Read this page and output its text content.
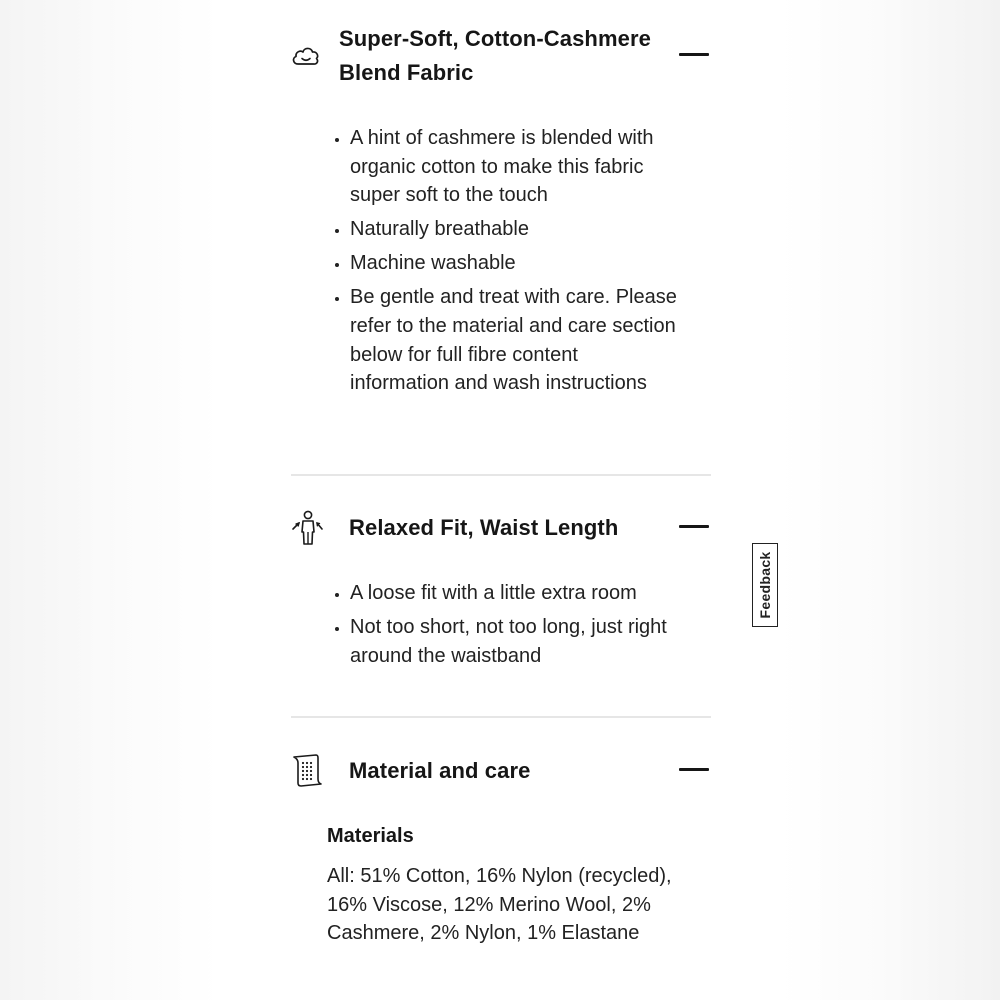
Super-Soft, Cotton-Cashmere
Blend Fabric
• A hint of cashmere is blended with organic cotton to make this fabric super soft to the touch
• Naturally breathable
• Machine washable
• Be gentle and treat with care. Please refer to the material and care section below for full fibre content information and wash instructions
Relaxed Fit, Waist Length
• A loose fit with a little extra room
• Not too short, not too long, just right around the waistband
Material and care
Materials
All: 51% Cotton, 16% Nylon (recycled), 16% Viscose, 12% Merino Wool, 2% Cashmere, 2% Nylon, 1% Elastane
Feedback
